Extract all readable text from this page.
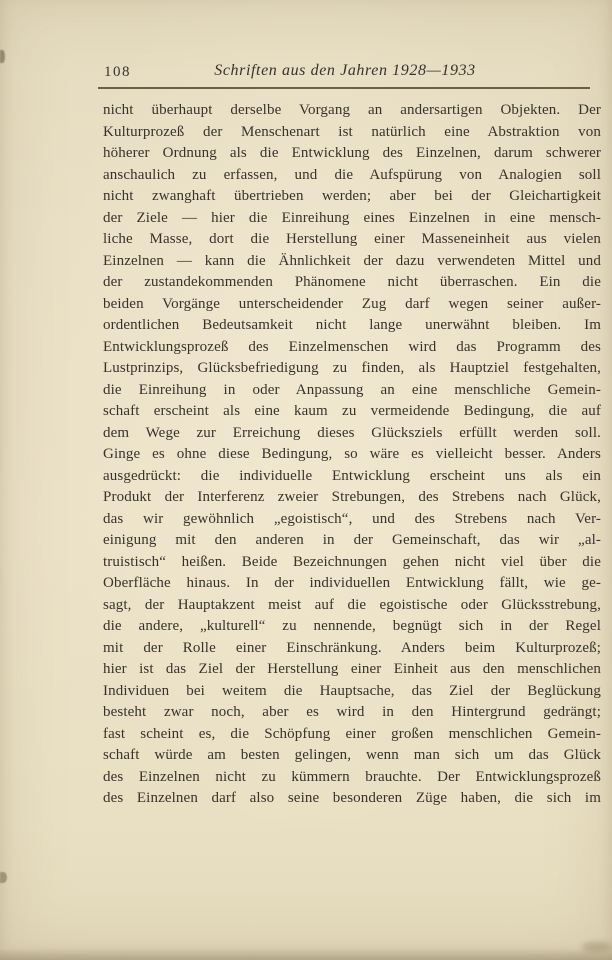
108	Schriften aus den Jahren 1928—1933
nicht überhaupt derselbe Vorgang an andersartigen Objekten. Der
Kulturprozeß der Menschenart ist natürlich eine Abstraktion von
höherer Ordnung als die Entwicklung des Einzelnen, darum schwerer
anschaulich zu erfassen, und die Aufspürung von Analogien soll
nicht zwanghaft übertrieben werden; aber bei der Gleichartigkeit
der Ziele — hier die Einreihung eines Einzelnen in eine mensch-
liche Masse, dort die Herstellung einer Masseneinheit aus vielen
Einzelnen — kann die Ähnlichkeit der dazu verwendeten Mittel und
der zustandekommenden Phänomene nicht überraschen. Ein die
beiden Vorgänge unterscheidender Zug darf wegen seiner außer-
ordentlichen Bedeutsamkeit nicht lange unerwähnt bleiben. Im
Entwicklungsprozeß des Einzelmenschen wird das Programm des
Lustprinzips, Glücksbefriedigung zu finden, als Hauptziel festgehalten,
die Einreihung in oder Anpassung an eine menschliche Gemein-
schaft erscheint als eine kaum zu vermeidende Bedingung, die auf
dem Wege zur Erreichung dieses Glücksziels erfüllt werden soll.
Ginge es ohne diese Bedingung, so wäre es vielleicht besser. Anders
ausgedrückt: die individuelle Entwicklung erscheint uns als ein
Produkt der Interferenz zweier Strebungen, des Strebens nach Glück,
das wir gewöhnlich „egoistisch“, und des Strebens nach Ver-
einigung mit den anderen in der Gemeinschaft, das wir „al-
truistisch“ heißen. Beide Bezeichnungen gehen nicht viel über die
Oberfläche hinaus. In der individuellen Entwicklung fällt, wie ge-
sagt, der Hauptakzent meist auf die egoistische oder Glücksstrebung,
die andere, „kulturell“ zu nennende, begnügt sich in der Regel
mit der Rolle einer Einschränkung. Anders beim Kulturprozeß;
hier ist das Ziel der Herstellung einer Einheit aus den menschlichen
Individuen bei weitem die Hauptsache, das Ziel der Beglückung
besteht zwar noch, aber es wird in den Hintergrund gedrängt;
fast scheint es, die Schöpfung einer großen menschlichen Gemein-
schaft würde am besten gelingen, wenn man sich um das Glück
des Einzelnen nicht zu kümmern brauchte. Der Entwicklungsprozeß
des Einzelnen darf also seine besonderen Züge haben, die sich im
